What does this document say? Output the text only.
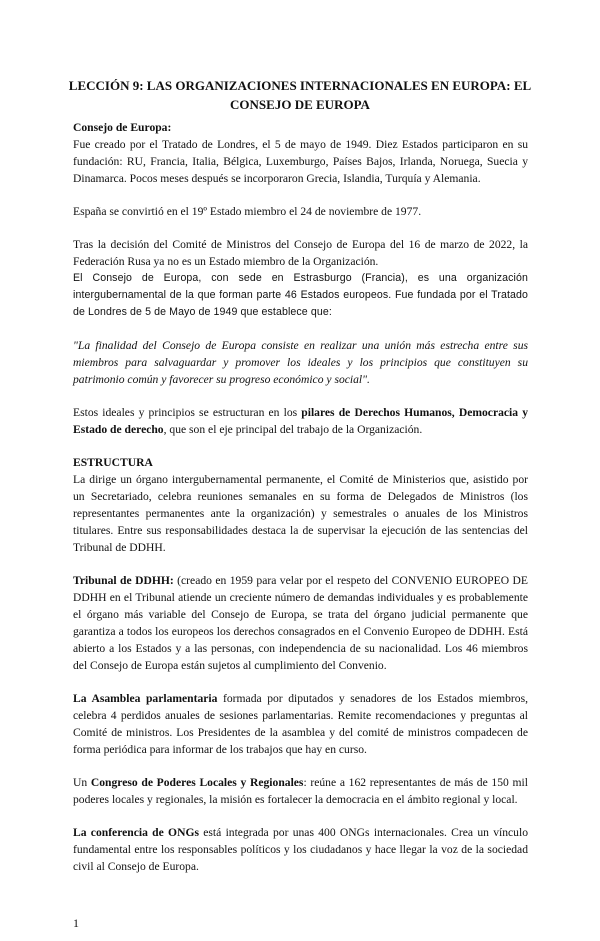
LECCIÓN 9: LAS ORGANIZACIONES INTERNACIONALES EN EUROPA: EL CONSEJO DE EUROPA
Consejo de Europa:
Fue creado por el Tratado de Londres, el 5 de mayo de 1949. Diez Estados participaron en su fundación: RU, Francia, Italia, Bélgica, Luxemburgo, Países Bajos, Irlanda, Noruega, Suecia y Dinamarca. Pocos meses después se incorporaron Grecia, Islandia, Turquía y Alemania.
España se convirtió en el 19º Estado miembro el 24 de noviembre de 1977.
Tras la decisión del Comité de Ministros del Consejo de Europa del 16 de marzo de 2022, la Federación Rusa ya no es un Estado miembro de la Organización.
El Consejo de Europa, con sede en Estrasburgo (Francia), es una organización intergubernamental de la que forman parte 46 Estados europeos. Fue fundada por el Tratado de Londres de 5 de Mayo de 1949 que establece que:
"La finalidad del Consejo de Europa consiste en realizar una unión más estrecha entre sus miembros para salvaguardar y promover los ideales y los principios que constituyen su patrimonio común y favorecer su progreso económico y social".
Estos ideales y principios se estructuran en los pilares de Derechos Humanos, Democracia y Estado de derecho, que son el eje principal del trabajo de la Organización.
ESTRUCTURA
La dirige un órgano intergubernamental permanente, el Comité de Ministerios que, asistido por un Secretariado, celebra reuniones semanales en su forma de Delegados de Ministros (los representantes permanentes ante la organización) y semestrales o anuales de los Ministros titulares. Entre sus responsabilidades destaca la de supervisar la ejecución de las sentencias del Tribunal de DDHH.
Tribunal de DDHH: (creado en 1959 para velar por el respeto del CONVENIO EUROPEO DE DDHH en el Tribunal atiende un creciente número de demandas individuales y es probablemente el órgano más variable del Consejo de Europa, se trata del órgano judicial permanente que garantiza a todos los europeos los derechos consagrados en el Convenio Europeo de DDHH. Está abierto a los Estados y a las personas, con independencia de su nacionalidad. Los 46 miembros del Consejo de Europa están sujetos al cumplimiento del Convenio.
La Asamblea parlamentaria formada por diputados y senadores de los Estados miembros, celebra 4 perdidos anuales de sesiones parlamentarias. Remite recomendaciones y preguntas al Comité de ministros. Los Presidentes de la asamblea y del comité de ministros compadecen de forma periódica para informar de los trabajos que hay en curso.
Un Congreso de Poderes Locales y Regionales: reúne a 162 representantes de más de 150 mil poderes locales y regionales, la misión es fortalecer la democracia en el ámbito regional y local.
La conferencia de ONGs está integrada por unas 400 ONGs internacionales. Crea un vínculo fundamental entre los responsables políticos y los ciudadanos y hace llegar la voz de la sociedad civil al Consejo de Europa.
1
